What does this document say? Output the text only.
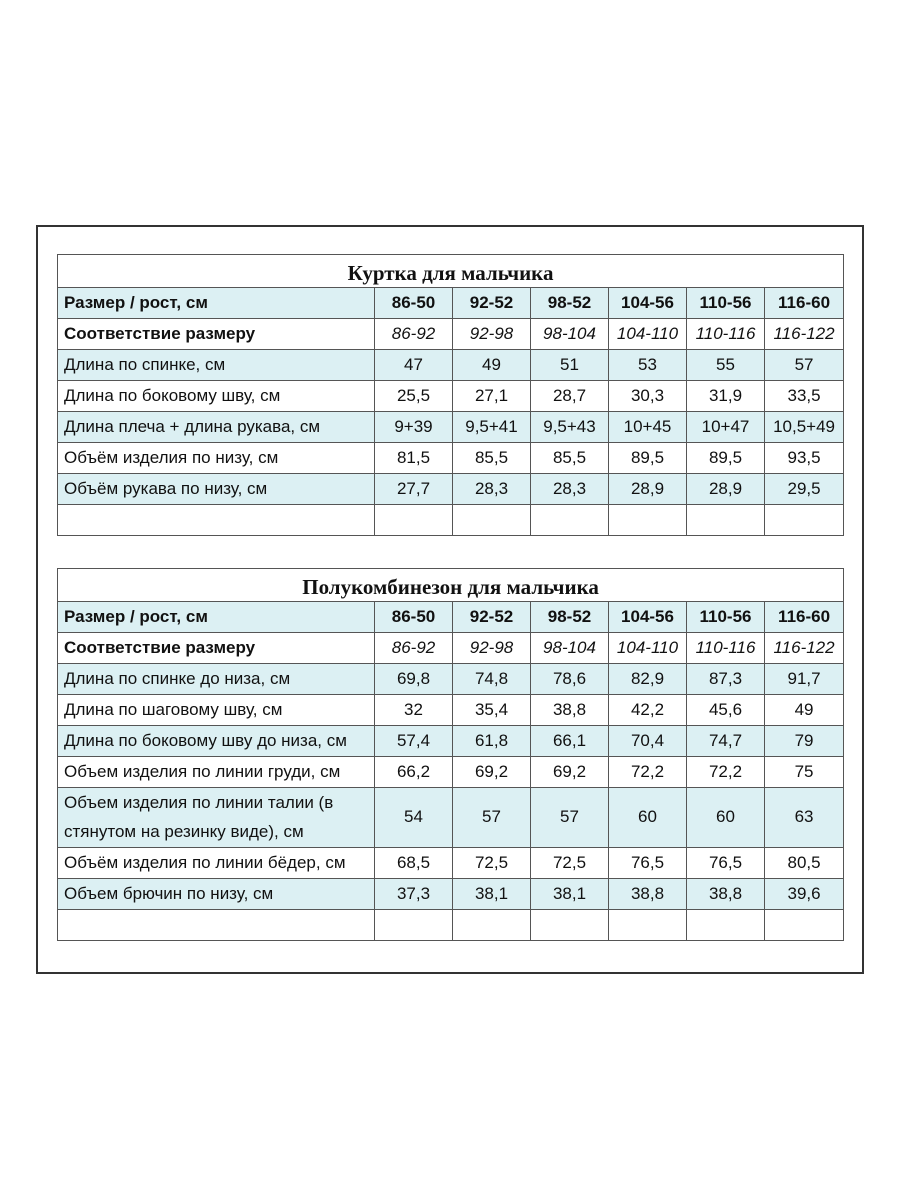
Куртка для мальчика						
Размер / рост, см	86-50	92-52	98-52	104-56	110-56	116-60
Соответствие размеру	86-92	92-98	98-104	104-110	110-116	116-122
Длина по спинке, см	47	49	51	53	55	57
Длина по боковому шву, см	25,5	27,1	28,7	30,3	31,9	33,5
Длина плеча + длина рукава, см	9+39	9,5+41	9,5+43	10+45	10+47	10,5+49
Объём изделия по низу, см	81,5	85,5	85,5	89,5	89,5	93,5
Объём рукава по низу, см	27,7	28,3	28,3	28,9	28,9	29,5

Полукомбинезон для мальчика						
Размер / рост, см	86-50	92-52	98-52	104-56	110-56	116-60
Соответствие размеру	86-92	92-98	98-104	104-110	110-116	116-122
Длина по спинке до низа, см	69,8	74,8	78,6	82,9	87,3	91,7
Длина по шаговому шву, см	32	35,4	38,8	42,2	45,6	49
Длина по боковому шву до низа, см	57,4	61,8	66,1	70,4	74,7	79
Объем изделия по линии груди, см	66,2	69,2	69,2	72,2	72,2	75
Объем изделия по линии талии (в стянутом на резинку виде), см	54	57	57	60	60	63
Объём изделия по линии бёдер, см	68,5	72,5	72,5	76,5	76,5	80,5
Объем брючин по низу, см	37,3	38,1	38,1	38,8	38,8	39,6
